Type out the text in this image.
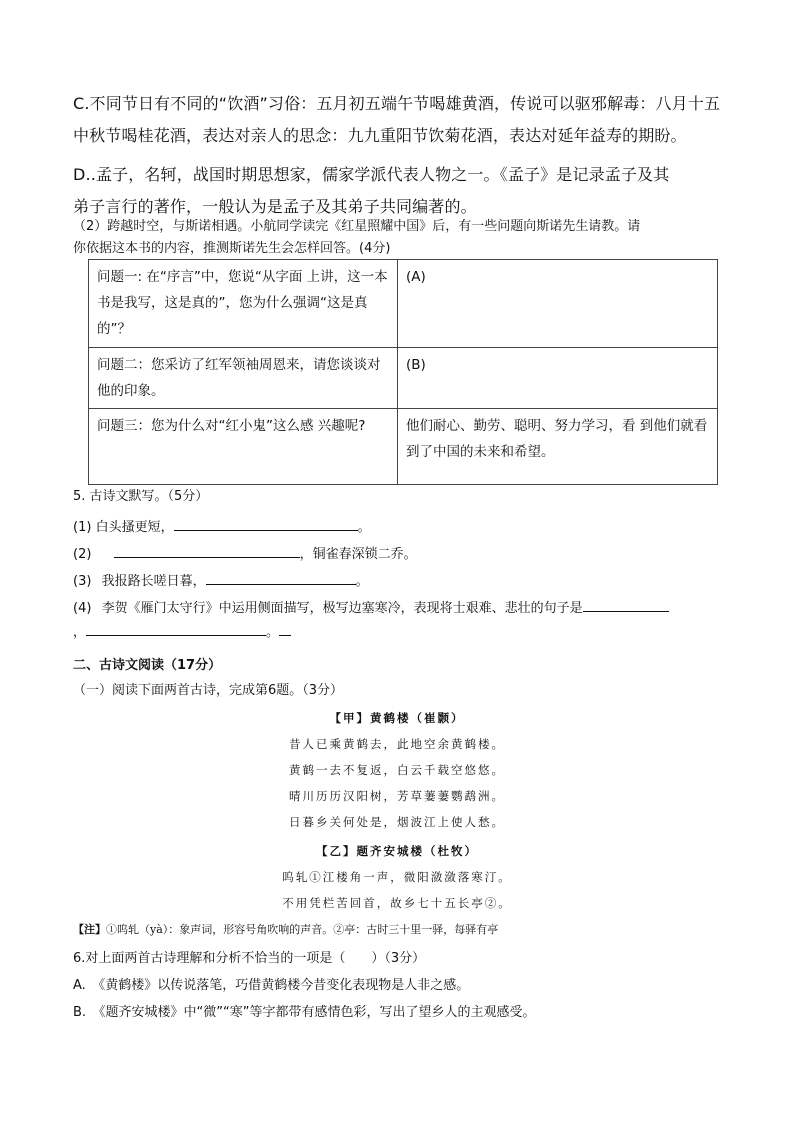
C.不同节日有不同的“饮酒”习俗：五月初五端午节喝雄黄酒，传说可以驱邪解毒：八月十五
中秋节喝桂花酒，表达对亲人的思念：九九重阳节饮菊花酒，表达对延年益寿的期盼。
D..孟子，名轲，战国时期思想家，儒家学派代表人物之一。《孟子》是记录孟子及其
弟子言行的著作，一般认为是孟子及其弟子共同编著的。
（2）跨越时空，与斯诺相遇。小航同学读完《红星照耀中国》后，有一些问题向斯诺先生请教。请
你依据这本书的内容，推测斯诺先生会怎样回答。(4分)
问题一: 在“序言”中，您说“从字面 上讲，这一本书是我写，这是真的”，您为什么强调“这是真的”？	(A)
问题二：您采访了红军领袖周恩来，请您谈谈对他的印象。	(B)
问题三：您为什么对“红小鬼”这么感 兴趣呢?	他们耐心、勤劳、聪明、努力学习，看 到他们就看到了中国的未来和希望。
5. 古诗文默写。（5分）
(1) 白头搔更短，	。
(2)	，铜雀春深锁二乔。
(3) 我报路长嗟日暮，	。
(4) 李贺《雁门太守行》中运用侧面描写，极写边塞寒冷，表现将士艰难、悲壮的句子是
，	。
二、古诗文阅读（17分）
（一）阅读下面两首古诗，完成第6题。（3分）
【甲】黄鹤楼（崔颢）
昔人已乘黄鹤去，此地空余黄鹤楼。
黄鹤一去不复返，白云千载空悠悠。
晴川历历汉阳树，芳草萋萋鹦鹉洲。
日暮乡关何处是，烟波江上使人愁。
【乙】题齐安城楼（杜牧）
呜轧①江楼角一声，微阳潋潋落寒汀。
不用凭栏苦回首，故乡七十五长亭②。
【注】①呜轧（yà）：象声词，形容号角吹响的声音。②亭：古时三十里一驿，每驿有亭
6.对上面两首古诗理解和分析不恰当的一项是（　　）（3分）
A.　《黄鹤楼》以传说落笔，巧借黄鹤楼今昔变化表现物是人非之感。
B.　《题齐安城楼》中“微”“寒”等字都带有感情色彩，写出了望乡人的主观感受。
